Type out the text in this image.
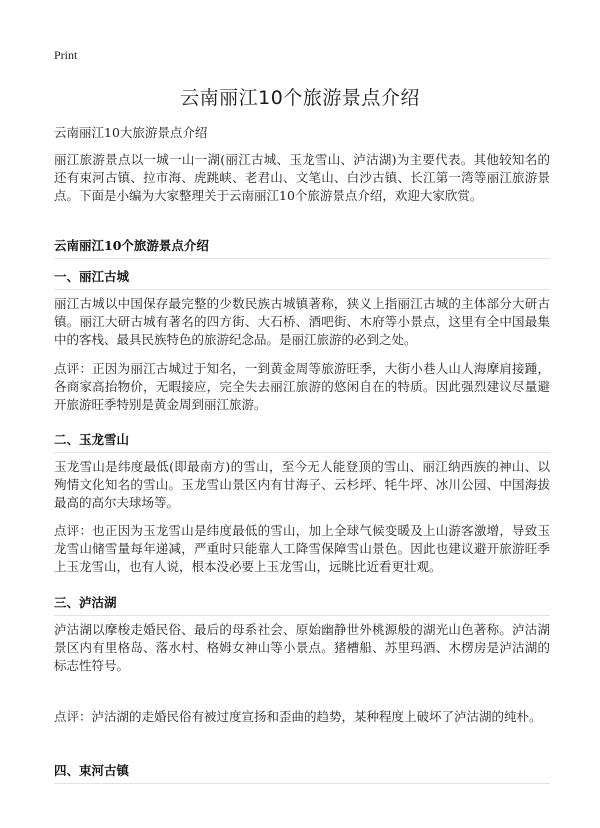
Print
云南丽江10个旅游景点介绍
云南丽江10大旅游景点介绍
丽江旅游景点以一城一山一湖(丽江古城、玉龙雪山、泸沽湖)为主要代表。其他较知名的还有束河古镇、拉市海、虎跳峡、老君山、文笔山、白沙古镇、长江第一湾等丽江旅游景点。下面是小编为大家整理关于云南丽江10个旅游景点介绍，欢迎大家欣赏。
云南丽江10个旅游景点介绍
一、丽江古城
丽江古城以中国保存最完整的少数民族古城镇著称，狭义上指丽江古城的主体部分大研古镇。丽江大研古城有著名的四方街、大石桥、酒吧街、木府等小景点，这里有全中国最集中的客栈、最具民族特色的旅游纪念品。是丽江旅游的必到之处。
点评：正因为丽江古城过于知名，一到黄金周等旅游旺季，大街小巷人山人海摩肩接踵，各商家高抬物价，无暇接应，完全失去丽江旅游的悠闲自在的特质。因此强烈建议尽量避开旅游旺季特别是黄金周到丽江旅游。
二、玉龙雪山
玉龙雪山是纬度最低(即最南方)的雪山，至今无人能登顶的雪山、丽江纳西族的神山、以殉情文化知名的雪山。玉龙雪山景区内有甘海子、云杉坪、牦牛坪、冰川公园、中国海拔最高的高尔夫球场等。
点评：也正因为玉龙雪山是纬度最低的雪山，加上全球气候变暖及上山游客激增，导致玉龙雪山储雪量每年递减，严重时只能靠人工降雪保障雪山景色。因此也建议避开旅游旺季上玉龙雪山，也有人说，根本没必要上玉龙雪山，远眺比近看更壮观。
三、泸沽湖
泸沽湖以摩梭走婚民俗、最后的母系社会、原始幽静世外桃源般的湖光山色著称。泸沽湖景区内有里格岛、落水村、格姆女神山等小景点。猪槽船、苏里玛酒、木楞房是泸沽湖的标志性符号。
点评：泸沽湖的走婚民俗有被过度宣扬和歪曲的趋势，某种程度上破坏了泸沽湖的纯朴。
四、束河古镇
